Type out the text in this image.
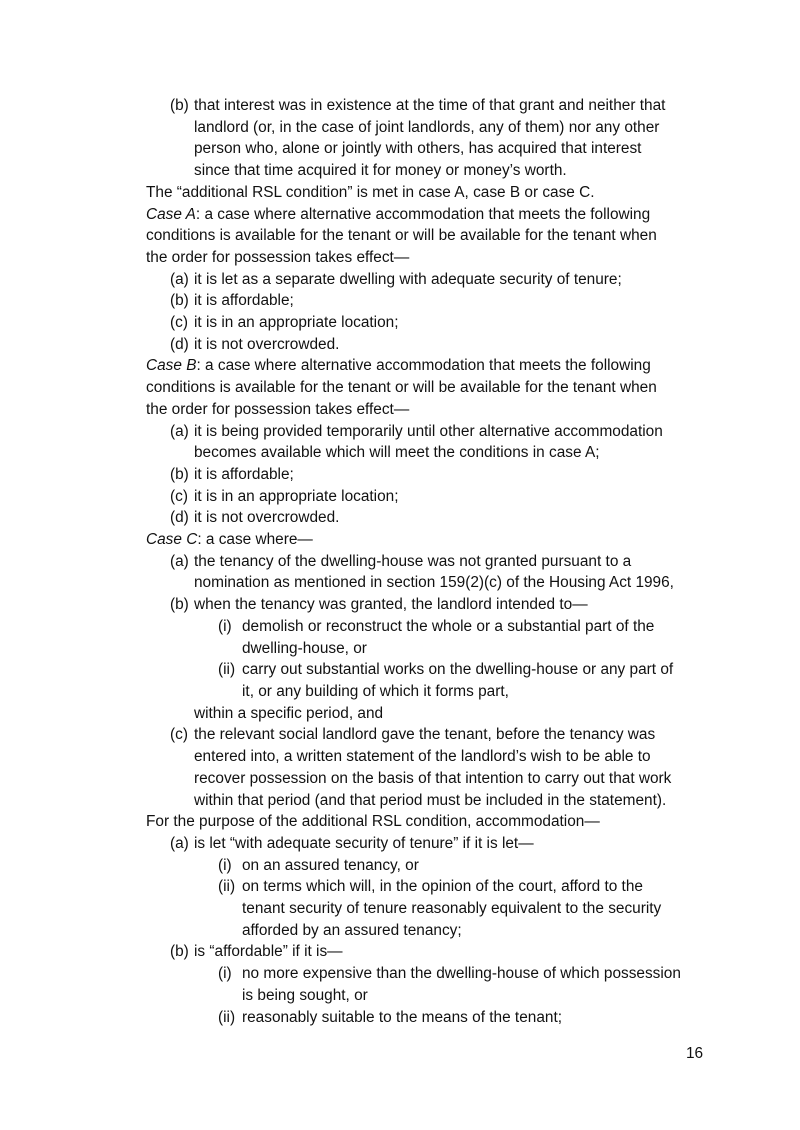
(b) that interest was in existence at the time of that grant and neither that
landlord (or, in the case of joint landlords, any of them) nor any other
person who, alone or jointly with others, has acquired that interest
since that time acquired it for money or money’s worth.
The “additional RSL condition” is met in case A, case B or case C.
Case A: a case where alternative accommodation that meets the following
conditions is available for the tenant or will be available for the tenant when
the order for possession takes effect—
(a) it is let as a separate dwelling with adequate security of tenure;
(b) it is affordable;
(c) it is in an appropriate location;
(d) it is not overcrowded.
Case B: a case where alternative accommodation that meets the following
conditions is available for the tenant or will be available for the tenant when
the order for possession takes effect—
(a) it is being provided temporarily until other alternative accommodation
becomes available which will meet the conditions in case A;
(b) it is affordable;
(c) it is in an appropriate location;
(d) it is not overcrowded.
Case C: a case where—
(a) the tenancy of the dwelling-house was not granted pursuant to a
nomination as mentioned in section 159(2)(c) of the Housing Act 1996,
(b) when the tenancy was granted, the landlord intended to—
(i) demolish or reconstruct the whole or a substantial part of the
dwelling-house, or
(ii) carry out substantial works on the dwelling-house or any part of
it, or any building of which it forms part,
within a specific period, and
(c) the relevant social landlord gave the tenant, before the tenancy was
entered into, a written statement of the landlord’s wish to be able to
recover possession on the basis of that intention to carry out that work
within that period (and that period must be included in the statement).
For the purpose of the additional RSL condition, accommodation—
(a) is let “with adequate security of tenure” if it is let—
(i) on an assured tenancy, or
(ii) on terms which will, in the opinion of the court, afford to the
tenant security of tenure reasonably equivalent to the security
afforded by an assured tenancy;
(b) is “affordable” if it is—
(i) no more expensive than the dwelling-house of which possession
is being sought, or
(ii) reasonably suitable to the means of the tenant;
16
